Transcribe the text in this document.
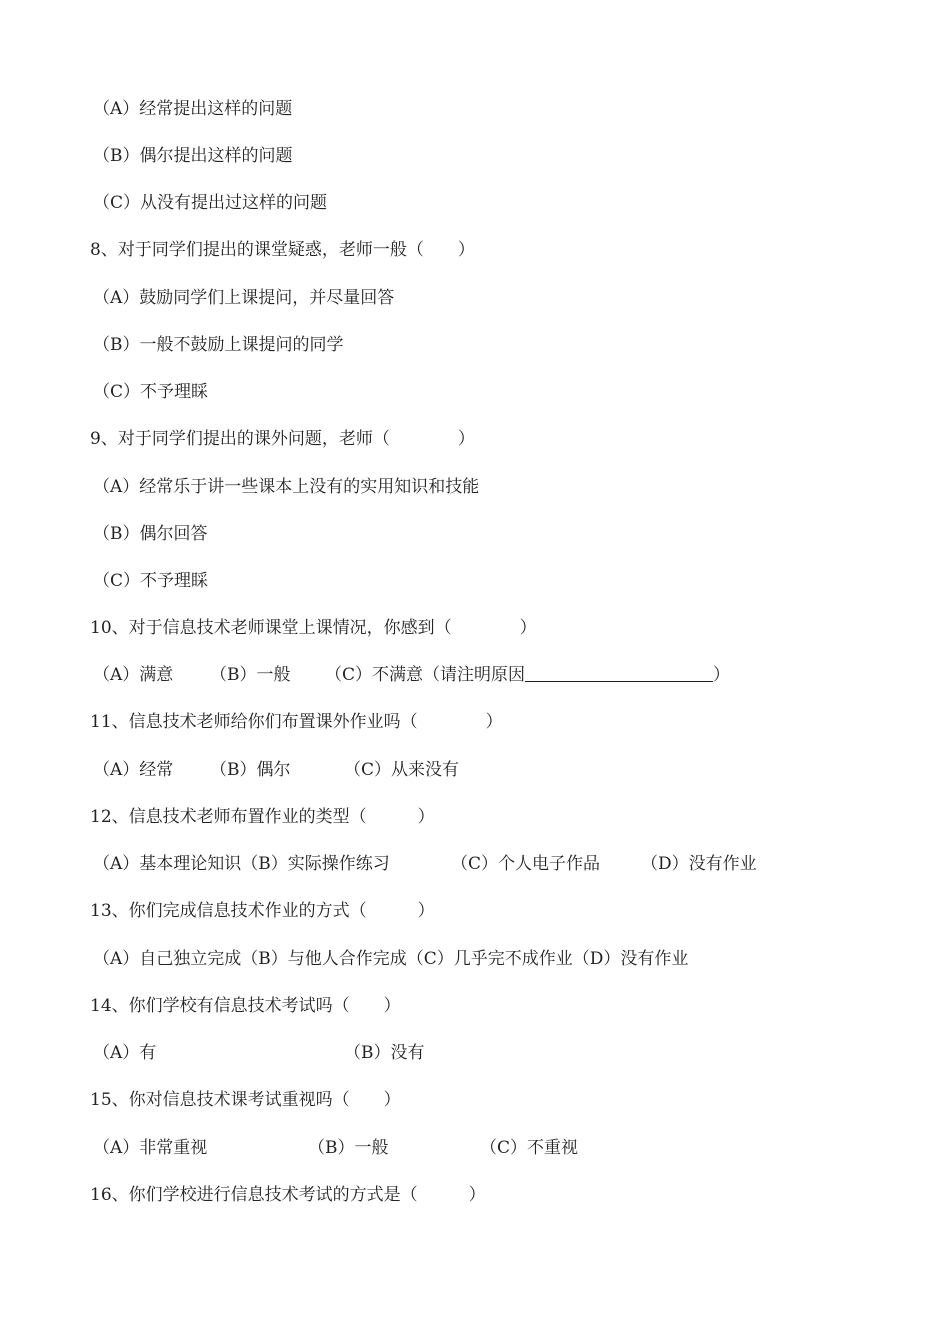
（A）经常提出这样的问题
（B）偶尔提出这样的问题
（C）从没有提出过这样的问题
8、对于同学们提出的课堂疑惑，老师一般（　　）
（A）鼓励同学们上课提问，并尽量回答
（B）一般不鼓励上课提问的同学
（C）不予理睬
9、对于同学们提出的课外问题，老师（　　　　）
（A）经常乐于讲一些课本上没有的实用知识和技能
（B）偶尔回答
（C）不予理睬
10、对于信息技术老师课堂上课情况，你感到（　　　　）

（A）满意

（B）一般

（C）不满意（请注明原因	）

11、信息技术老师给你们布置课外作业吗（　　　　）

（A）经常

（B）偶尔

	（C）从来没有

12、信息技术老师布置作业的类型（　　　）

（A）基本理论知识（B）实际操作练习

	（C）个人电子作品

（D）没有作业

13、你们完成信息技术作业的方式（　　　）
（A）自己独立完成（B）与他人合作完成（C）几乎完不成作业（D）没有作业
14、你们学校有信息技术考试吗（　　）

（A）有

	（B）没有

15、你对信息技术课考试重视吗（　　）

（A）非常重视

	（B）一般

	（C）不重视

16、你们学校进行信息技术考试的方式是（　　　）
